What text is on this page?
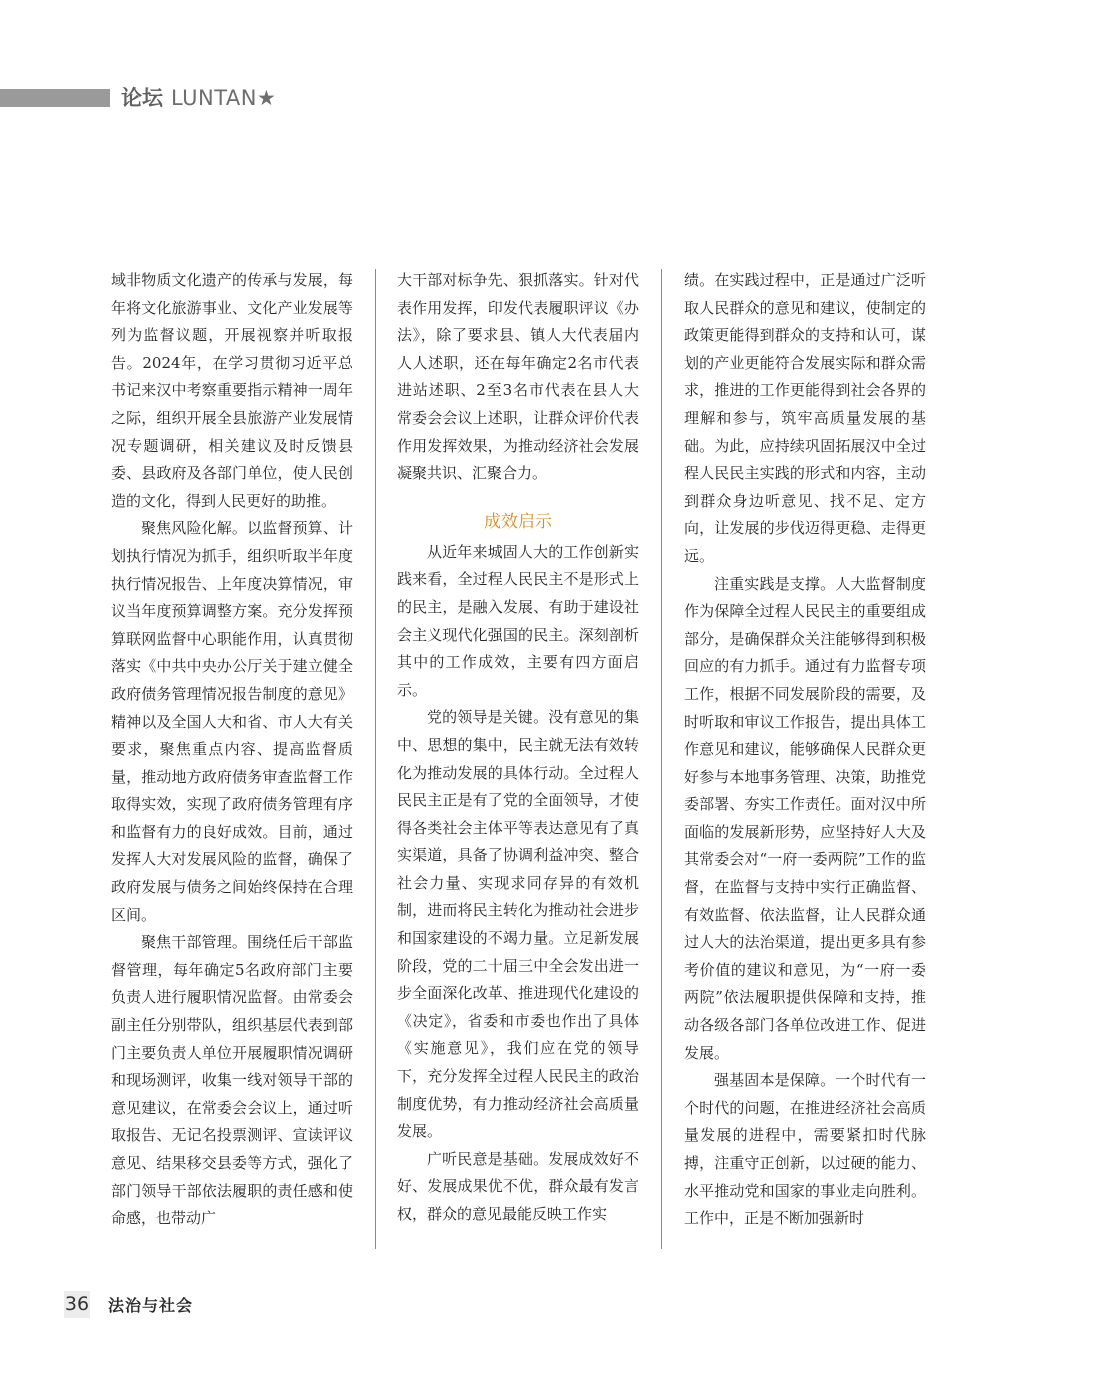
论坛 LUNTAN★

域非物质文化遗产的传承与发展，每年将文化旅游事业、文化产业发展等列为监督议题，开展视察并听取报告。2024年，在学习贯彻习近平总书记来汉中考察重要指示精神一周年之际，组织开展全县旅游产业发展情况专题调研，相关建议及时反馈县委、县政府及各部门单位，使人民创造的文化，得到人民更好的助推。

聚焦风险化解。以监督预算、计划执行情况为抓手，组织听取半年度执行情况报告、上年度决算情况，审议当年度预算调整方案。充分发挥预算联网监督中心职能作用，认真贯彻落实《中共中央办公厅关于建立健全政府债务管理情况报告制度的意见》精神以及全国人大和省、市人大有关要求，聚焦重点内容、提高监督质量，推动地方政府债务审查监督工作取得实效，实现了政府债务管理有序和监督有力的良好成效。目前，通过发挥人大对发展风险的监督，确保了政府发展与债务之间始终保持在合理区间。

聚焦干部管理。围绕任后干部监督管理，每年确定5名政府部门主要负责人进行履职情况监督。由常委会副主任分别带队，组织基层代表到部门主要负责人单位开展履职情况调研和现场测评，收集一线对领导干部的意见建议，在常委会会议上，通过听取报告、无记名投票测评、宣读评议意见、结果移交县委等方式，强化了部门领导干部依法履职的责任感和使命感，也带动广

大干部对标争先、狠抓落实。针对代表作用发挥，印发代表履职评议《办法》，除了要求县、镇人大代表届内人人述职，还在每年确定2名市代表进站述职、2至3名市代表在县人大常委会会议上述职，让群众评价代表作用发挥效果，为推动经济社会发展凝聚共识、汇聚合力。

成效启示

从近年来城固人大的工作创新实践来看，全过程人民民主不是形式上的民主，是融入发展、有助于建设社会主义现代化强国的民主。深刻剖析其中的工作成效，主要有四方面启示。

党的领导是关键。没有意见的集中、思想的集中，民主就无法有效转化为推动发展的具体行动。全过程人民民主正是有了党的全面领导，才使得各类社会主体平等表达意见有了真实渠道，具备了协调利益冲突、整合社会力量、实现求同存异的有效机制，进而将民主转化为推动社会进步和国家建设的不竭力量。立足新发展阶段，党的二十届三中全会发出进一步全面深化改革、推进现代化建设的《决定》，省委和市委也作出了具体《实施意见》，我们应在党的领导下，充分发挥全过程人民民主的政治制度优势，有力推动经济社会高质量发展。

广听民意是基础。发展成效好不好、发展成果优不优，群众最有发言权，群众的意见最能反映工作实

绩。在实践过程中，正是通过广泛听取人民群众的意见和建议，使制定的政策更能得到群众的支持和认可，谋划的产业更能符合发展实际和群众需求，推进的工作更能得到社会各界的理解和参与，筑牢高质量发展的基础。为此，应持续巩固拓展汉中全过程人民民主实践的形式和内容，主动到群众身边听意见、找不足、定方向，让发展的步伐迈得更稳、走得更远。

注重实践是支撑。人大监督制度作为保障全过程人民民主的重要组成部分，是确保群众关注能够得到积极回应的有力抓手。通过有力监督专项工作，根据不同发展阶段的需要，及时听取和审议工作报告，提出具体工作意见和建议，能够确保人民群众更好参与本地事务管理、决策，助推党委部署、夯实工作责任。面对汉中所面临的发展新形势，应坚持好人大及其常委会对“一府一委两院”工作的监督，在监督与支持中实行正确监督、有效监督、依法监督，让人民群众通过人大的法治渠道，提出更多具有参考价值的建议和意见，为“一府一委两院”依法履职提供保障和支持，推动各级各部门各单位改进工作、促进发展。

强基固本是保障。一个时代有一个时代的问题，在推进经济社会高质量发展的进程中，需要紧扣时代脉搏，注重守正创新，以过硬的能力、水平推动党和国家的事业走向胜利。工作中，正是不断加强新时

36 法治与社会
